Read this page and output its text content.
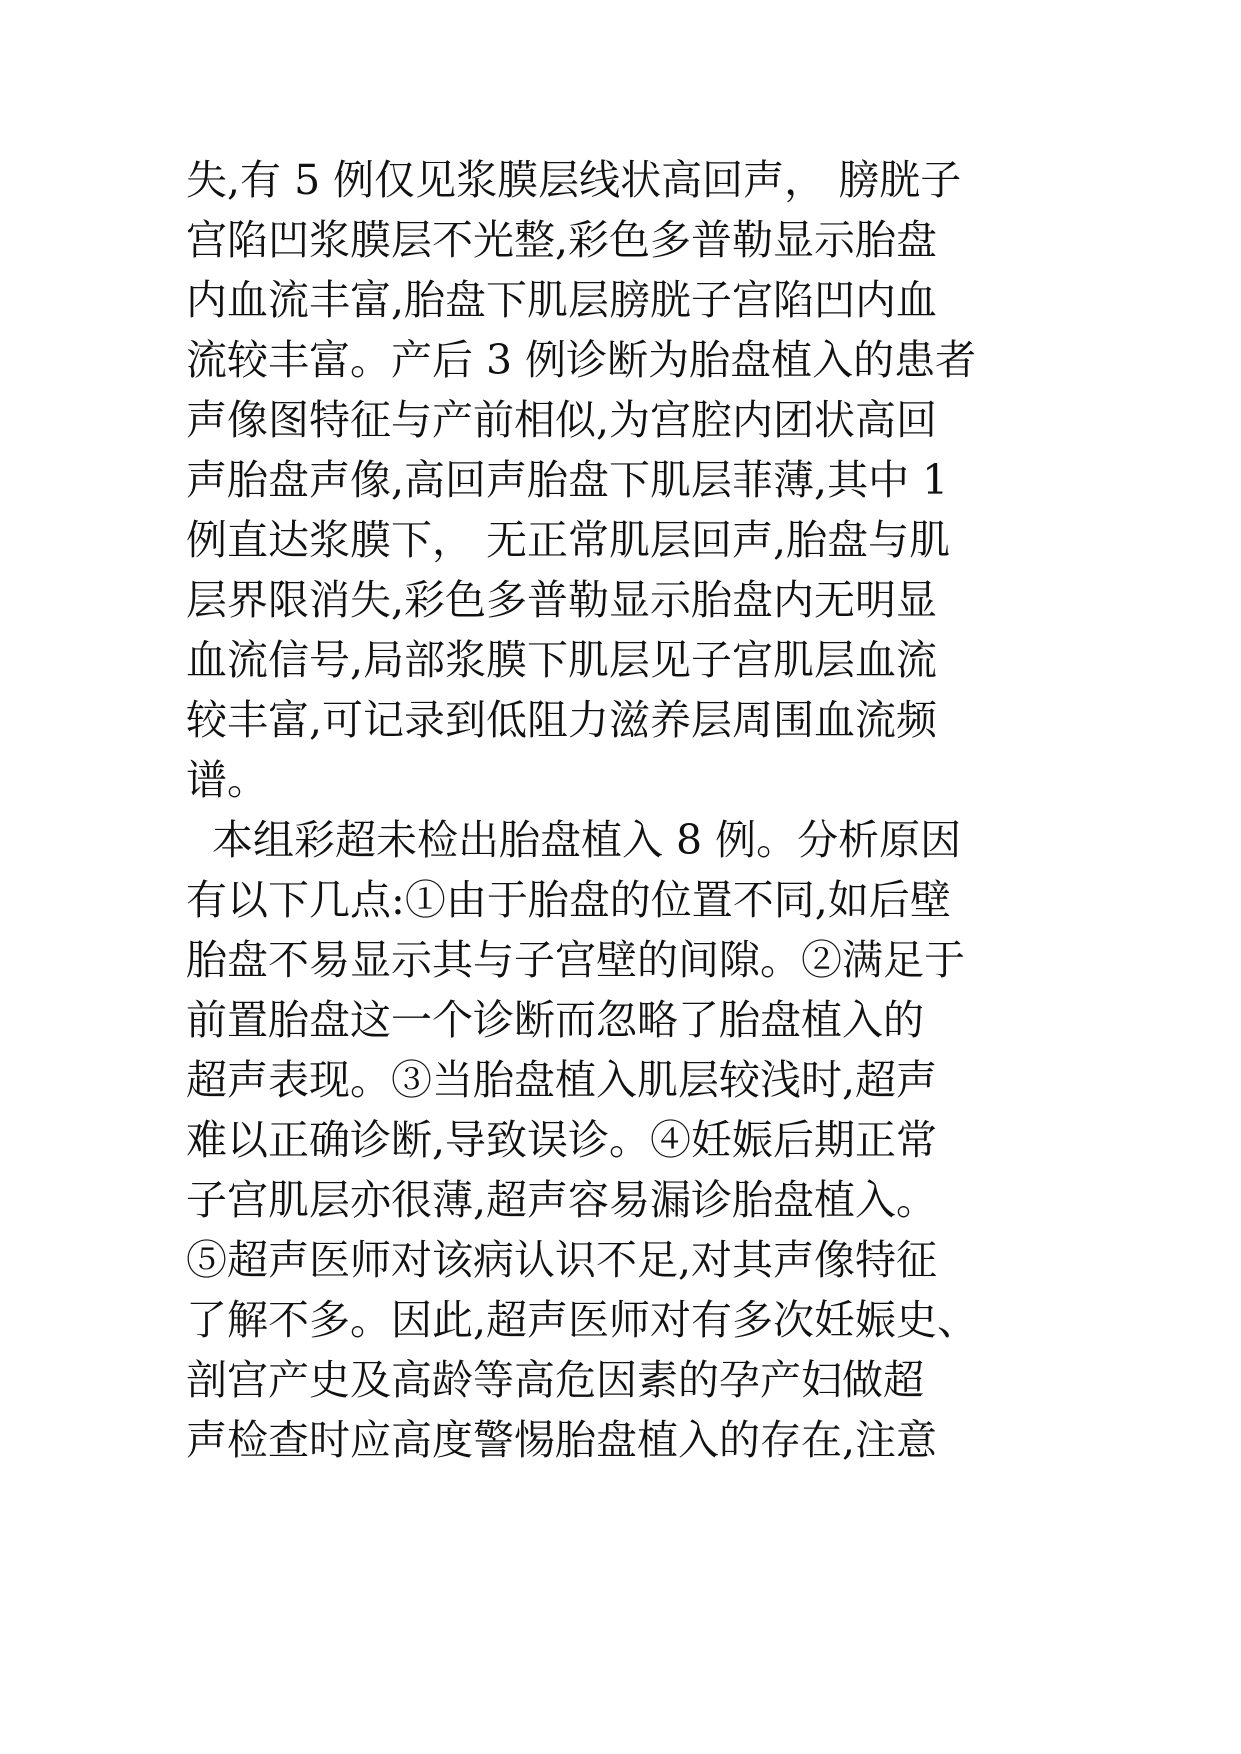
失,有 5 例仅见浆膜层线状高回声， 膀胱子
宫陷凹浆膜层不光整,彩色多普勒显示胎盘
内血流丰富,胎盘下肌层膀胱子宫陷凹内血
流较丰富。产后 3 例诊断为胎盘植入的患者
声像图特征与产前相似,为宫腔内团状高回
声胎盘声像,高回声胎盘下肌层菲薄,其中 1
例直达浆膜下， 无正常肌层回声,胎盘与肌
层界限消失,彩色多普勒显示胎盘内无明显
血流信号,局部浆膜下肌层见子宫肌层血流
较丰富,可记录到低阻力滋养层周围血流频
谱。
本组彩超未检出胎盘植入 8 例。分析原因
有以下几点:①由于胎盘的位置不同,如后壁
胎盘不易显示其与子宫壁的间隙。②满足于
前置胎盘这一个诊断而忽略了胎盘植入的
超声表现。③当胎盘植入肌层较浅时,超声
难以正确诊断,导致误诊。④妊娠后期正常
子宫肌层亦很薄,超声容易漏诊胎盘植入。
⑤超声医师对该病认识不足,对其声像特征
了解不多。因此,超声医师对有多次妊娠史、
剖宫产史及高龄等高危因素的孕产妇做超
声检查时应高度警惕胎盘植入的存在,注意
